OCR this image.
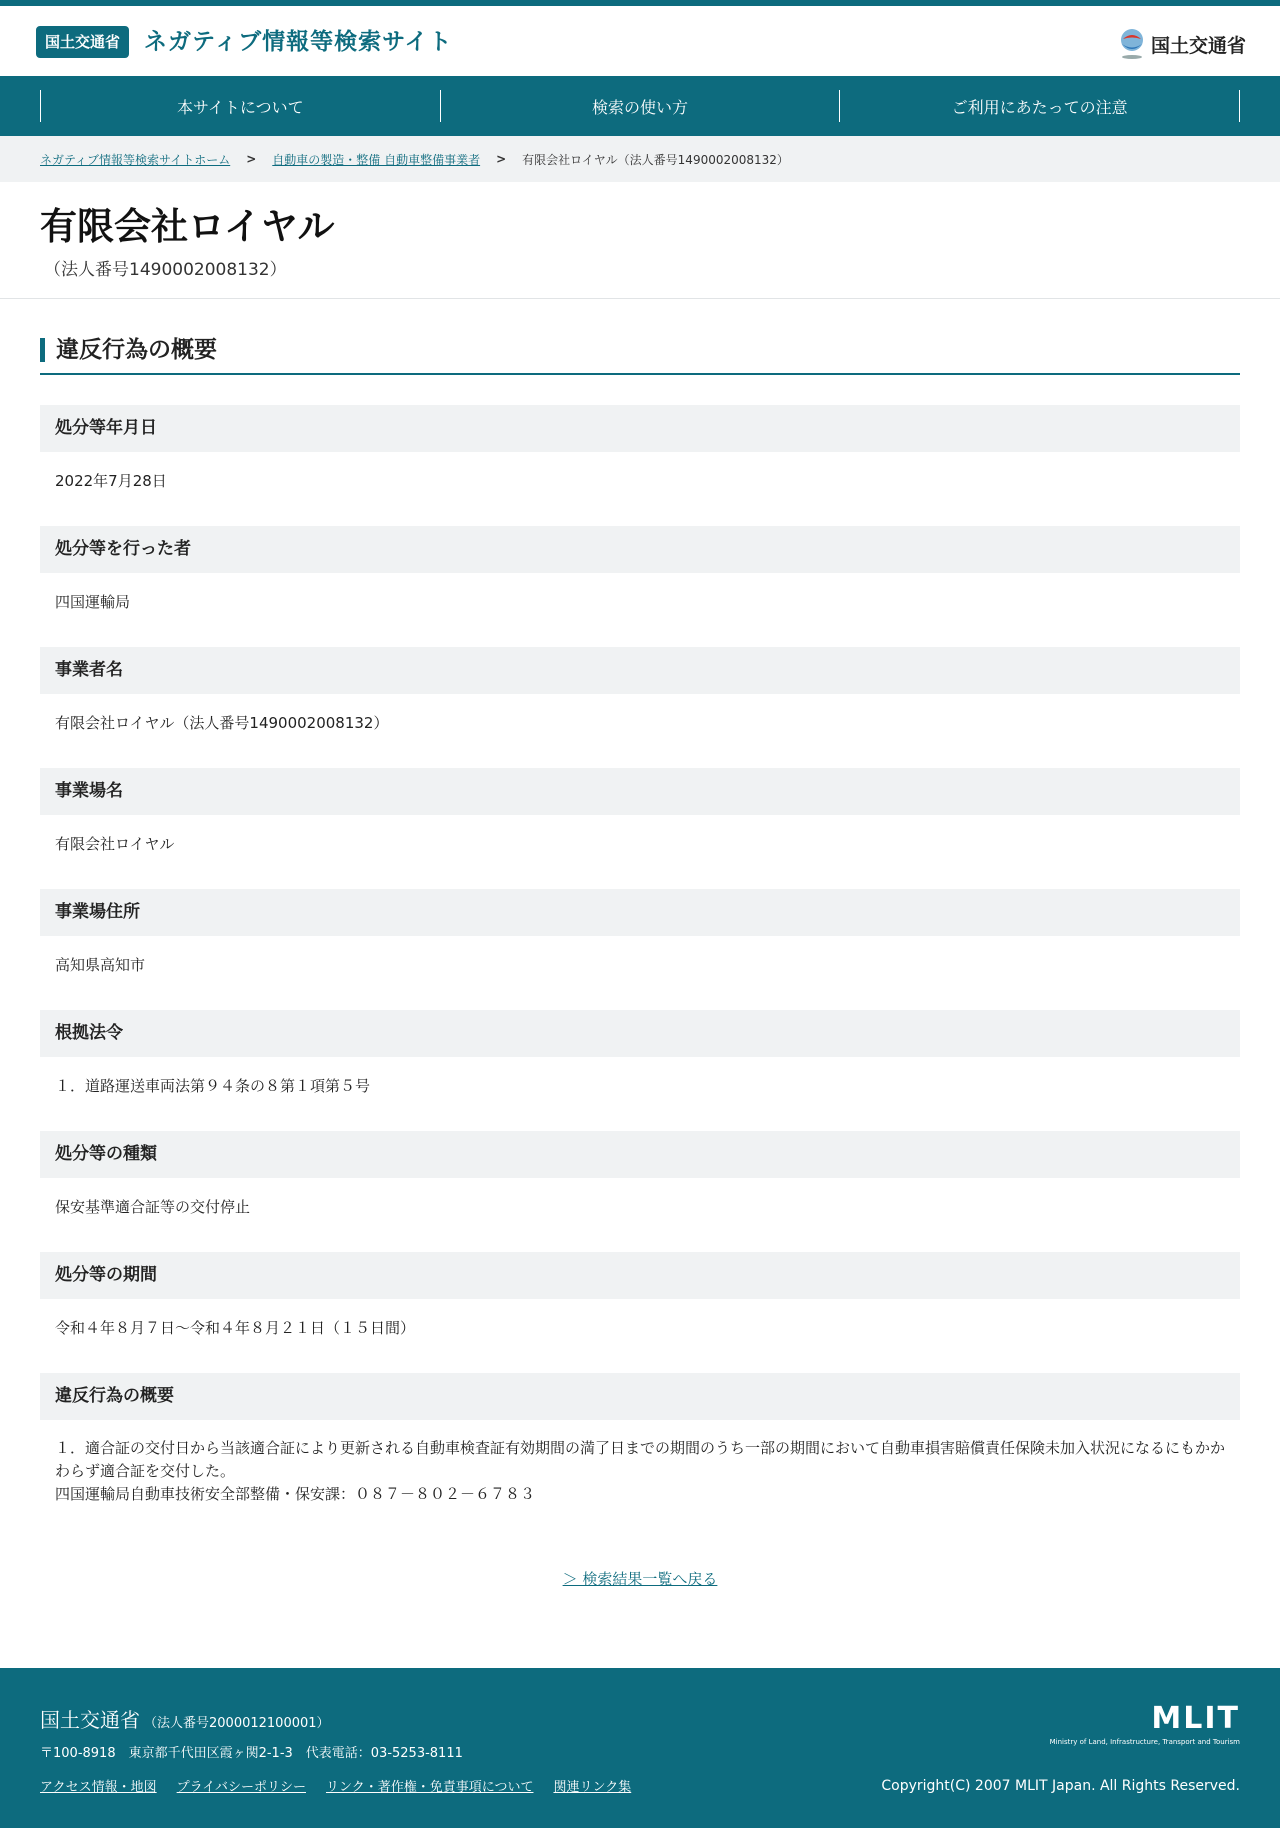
国土交通省	ネガティブ情報等検索サイト	国土交通省
本サイトについて	検索の使い方	ご利用にあたっての注意
ネガティブ情報等検索サイトホーム > 自動車の製造・整備 自動車整備事業者 > 有限会社ロイヤル（法人番号1490002008132）
有限会社ロイヤル
（法人番号1490002008132）
違反行為の概要
処分等年月日
2022年7月28日
処分等を行った者
四国運輸局
事業者名
有限会社ロイヤル（法人番号1490002008132）
事業場名
有限会社ロイヤル
事業場住所
高知県高知市
根拠法令
１．道路運送車両法第９４条の８第１項第５号
処分等の種類
保安基準適合証等の交付停止
処分等の期間
令和４年８月７日～令和４年８月２１日（１５日間）
違反行為の概要
１．適合証の交付日から当該適合証により更新される自動車検査証有効期間の満了日までの期間のうち一部の期間において自動車損害賠償責任保険未加入状況になるにもかかわらず適合証を交付した。
四国運輸局自動車技術安全部整備・保安課：０８７－８０２－６７８３
＞ 検索結果一覧へ戻る
国土交通省 （法人番号2000012100001）
〒100-8918　東京都千代田区霞ヶ関2-1-3　代表電話：03-5253-8111
アクセス情報・地図 プライバシーポリシー リンク・著作権・免責事項について 関連リンク集
MLIT
Ministry of Land, Infrastructure, Transport and Tourism
Copyright(C) 2007 MLIT Japan. All Rights Reserved.
